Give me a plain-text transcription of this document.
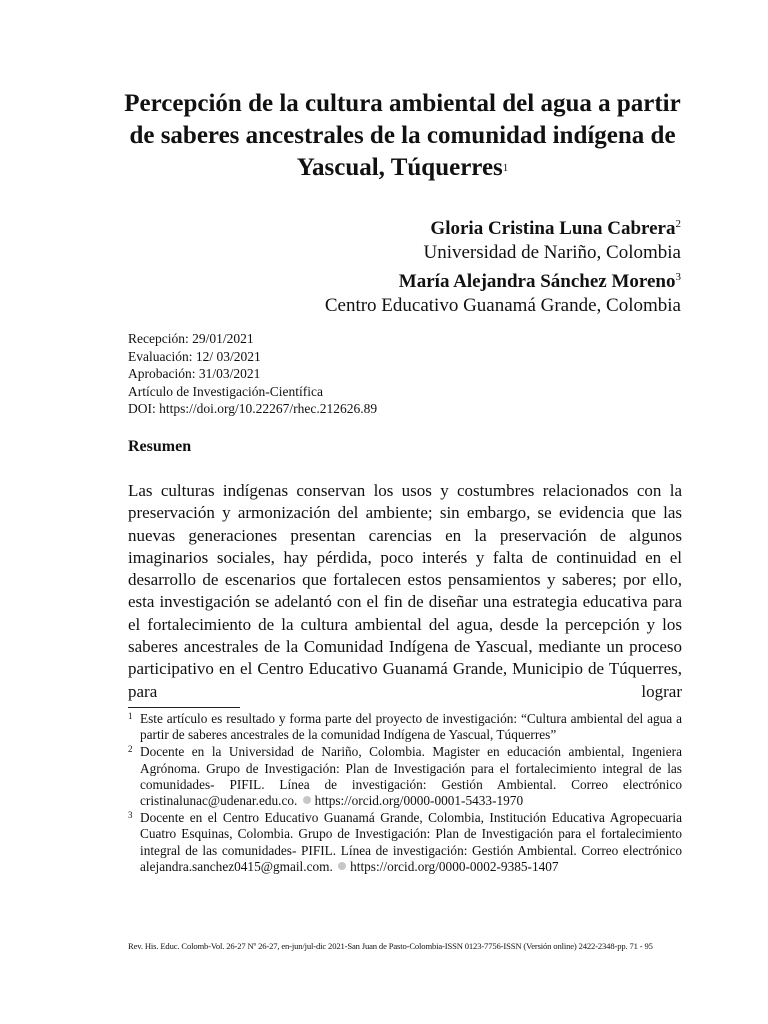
Percepción de la cultura ambiental del agua a partir de saberes ancestrales de la comunidad indígena de Yascual, Túquerres$^1$
Gloria Cristina Luna Cabrera$^2$
Universidad de Nariño, Colombia
María Alejandra Sánchez Moreno$^3$
Centro Educativo Guanamá Grande, Colombia
Recepción: 29/01/2021
Evaluación: 12/ 03/2021
Aprobación: 31/03/2021
Artículo de Investigación-Científica
DOI: https://doi.org/10.22267/rhec.212626.89
Resumen

Las culturas indígenas conservan los usos y costumbres relacionados con la preservación y armonización del ambiente; sin embargo, se evidencia que las nuevas generaciones presentan carencias en la preservación de algunos imaginarios sociales, hay pérdida, poco interés y falta de continuidad en el desarrollo de escenarios que fortalecen estos pensamientos y saberes; por ello, esta investigación se adelantó con el fin de diseñar una estrategia educativa para el fortalecimiento de la cultura ambiental del agua, desde la percepción y los saberes ancestrales de la Comunidad Indígena de Yascual, mediante un proceso participativo en el Centro Educativo Guanamá Grande, Municipio de Túquerres, para lograr

1 Este artículo es resultado y forma parte del proyecto de investigación: “Cultura ambiental del agua a partir de saberes ancestrales de la comunidad Indígena de Yascual, Túquerres”
2 Docente en la Universidad de Nariño, Colombia. Magister en educación ambiental, Ingeniera Agrónoma. Grupo de Investigación: Plan de Investigación para el fortalecimiento integral de las comunidades- PIFIL. Línea de investigación: Gestión Ambiental. Correo electrónico cristinalunac@udenar.edu.co. https://orcid.org/0000-0001-5433-1970
3 Docente en el Centro Educativo Guanamá Grande, Colombia, Institución Educativa Agropecuaria Cuatro Esquinas, Colombia. Grupo de Investigación: Plan de Investigación para el fortalecimiento integral de las comunidades- PIFIL. Línea de investigación: Gestión Ambiental. Correo electrónico alejandra.sanchez0415@gmail.com. https://orcid.org/0000-0002-9385-1407
Rev. His. Educ. Colomb-Vol. 26-27 Nº 26-27, en-jun/jul-dic 2021-San Juan de Pasto-Colombia-ISSN 0123-7756-ISSN (Versión online) 2422-2348-pp. 71 - 95
